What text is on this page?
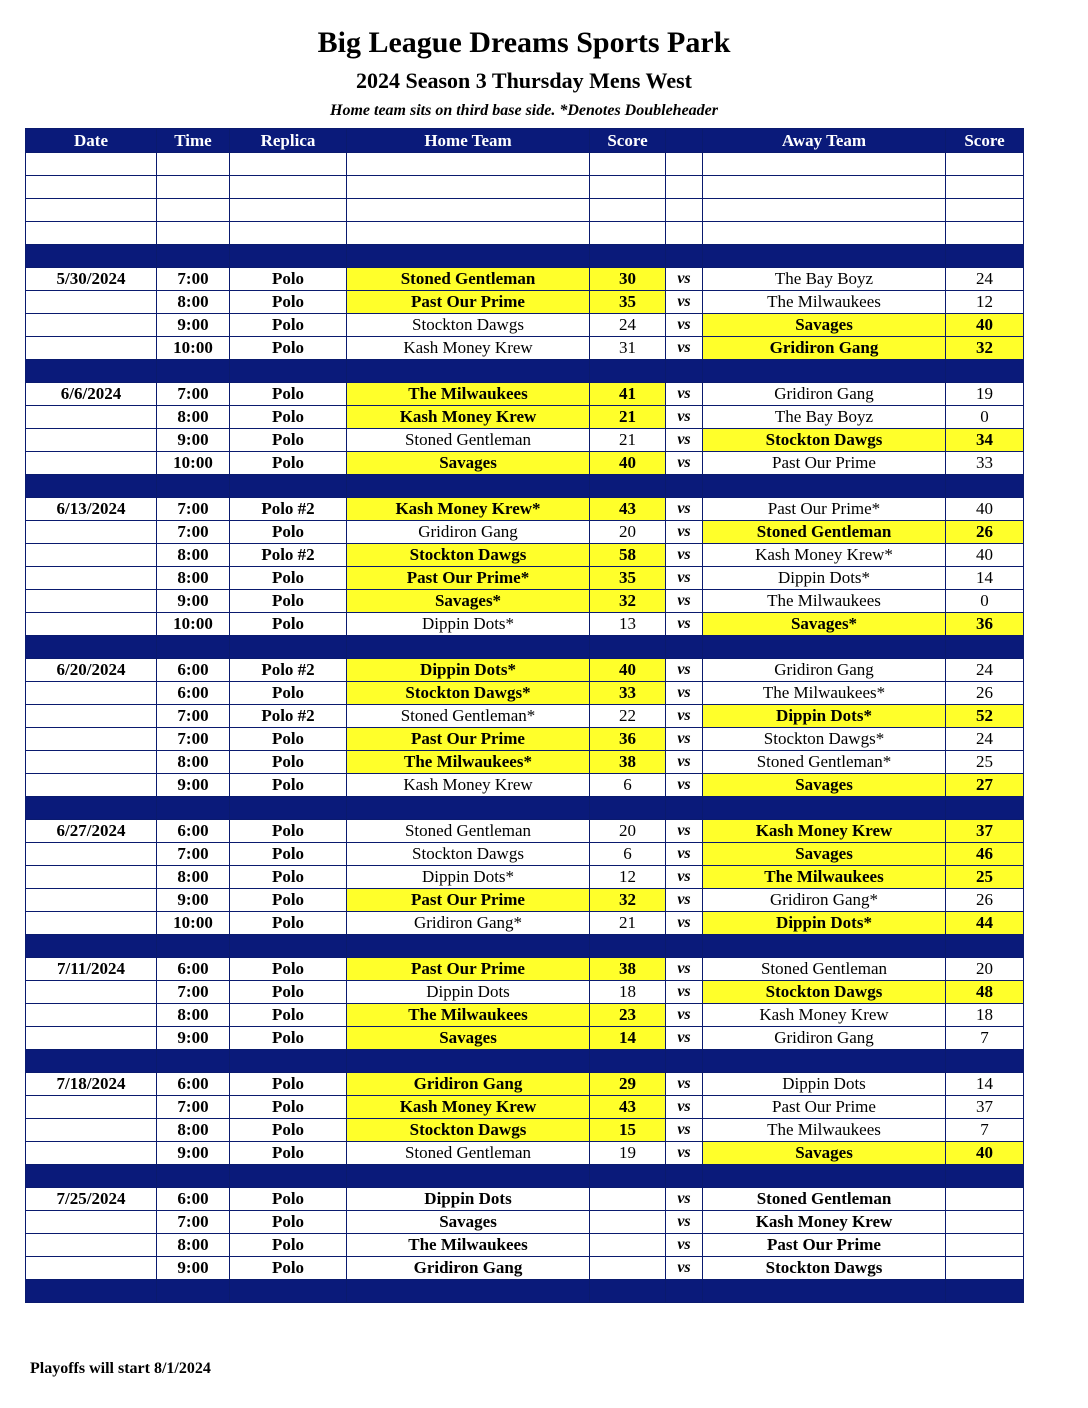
Big League Dreams Sports Park
2024 Season 3 Thursday Mens West
Home team sits on third base side. *Denotes Doubleheader
Date	Time	Replica	Home Team	Score		Away Team	Score

5/30/2024	7:00	Polo	Stoned Gentleman	30	vs	The Bay Boyz	24
	8:00	Polo	Past Our Prime	35	vs	The Milwaukees	12
	9:00	Polo	Stockton Dawgs	24	vs	Savages	40
	10:00	Polo	Kash Money Krew	31	vs	Gridiron Gang	32

6/6/2024	7:00	Polo	The Milwaukees	41	vs	Gridiron Gang	19
	8:00	Polo	Kash Money Krew	21	vs	The Bay Boyz	0
	9:00	Polo	Stoned Gentleman	21	vs	Stockton Dawgs	34
	10:00	Polo	Savages	40	vs	Past Our Prime	33

6/13/2024	7:00	Polo #2	Kash Money Krew*	43	vs	Past Our Prime*	40
	7:00	Polo	Gridiron Gang	20	vs	Stoned Gentleman	26
	8:00	Polo #2	Stockton Dawgs	58	vs	Kash Money Krew*	40
	8:00	Polo	Past Our Prime*	35	vs	Dippin Dots*	14
	9:00	Polo	Savages*	32	vs	The Milwaukees	0
	10:00	Polo	Dippin Dots*	13	vs	Savages*	36

6/20/2024	6:00	Polo #2	Dippin Dots*	40	vs	Gridiron Gang	24
	6:00	Polo	Stockton Dawgs*	33	vs	The Milwaukees*	26
	7:00	Polo #2	Stoned Gentleman*	22	vs	Dippin Dots*	52
	7:00	Polo	Past Our Prime	36	vs	Stockton Dawgs*	24
	8:00	Polo	The Milwaukees*	38	vs	Stoned Gentleman*	25
	9:00	Polo	Kash Money Krew	6	vs	Savages	27

6/27/2024	6:00	Polo	Stoned Gentleman	20	vs	Kash Money Krew	37
	7:00	Polo	Stockton Dawgs	6	vs	Savages	46
	8:00	Polo	Dippin Dots*	12	vs	The Milwaukees	25
	9:00	Polo	Past Our Prime	32	vs	Gridiron Gang*	26
	10:00	Polo	Gridiron Gang*	21	vs	Dippin Dots*	44

7/11/2024	6:00	Polo	Past Our Prime	38	vs	Stoned Gentleman	20
	7:00	Polo	Dippin Dots	18	vs	Stockton Dawgs	48
	8:00	Polo	The Milwaukees	23	vs	Kash Money Krew	18
	9:00	Polo	Savages	14	vs	Gridiron Gang	7

7/18/2024	6:00	Polo	Gridiron Gang	29	vs	Dippin Dots	14
	7:00	Polo	Kash Money Krew	43	vs	Past Our Prime	37
	8:00	Polo	Stockton Dawgs	15	vs	The Milwaukees	7
	9:00	Polo	Stoned Gentleman	19	vs	Savages	40

7/25/2024	6:00	Polo	Dippin Dots		vs	Stoned Gentleman	
	7:00	Polo	Savages		vs	Kash Money Krew	
	8:00	Polo	The Milwaukees		vs	Past Our Prime	
	9:00	Polo	Gridiron Gang		vs	Stockton Dawgs	

Playoffs will start 8/1/2024
